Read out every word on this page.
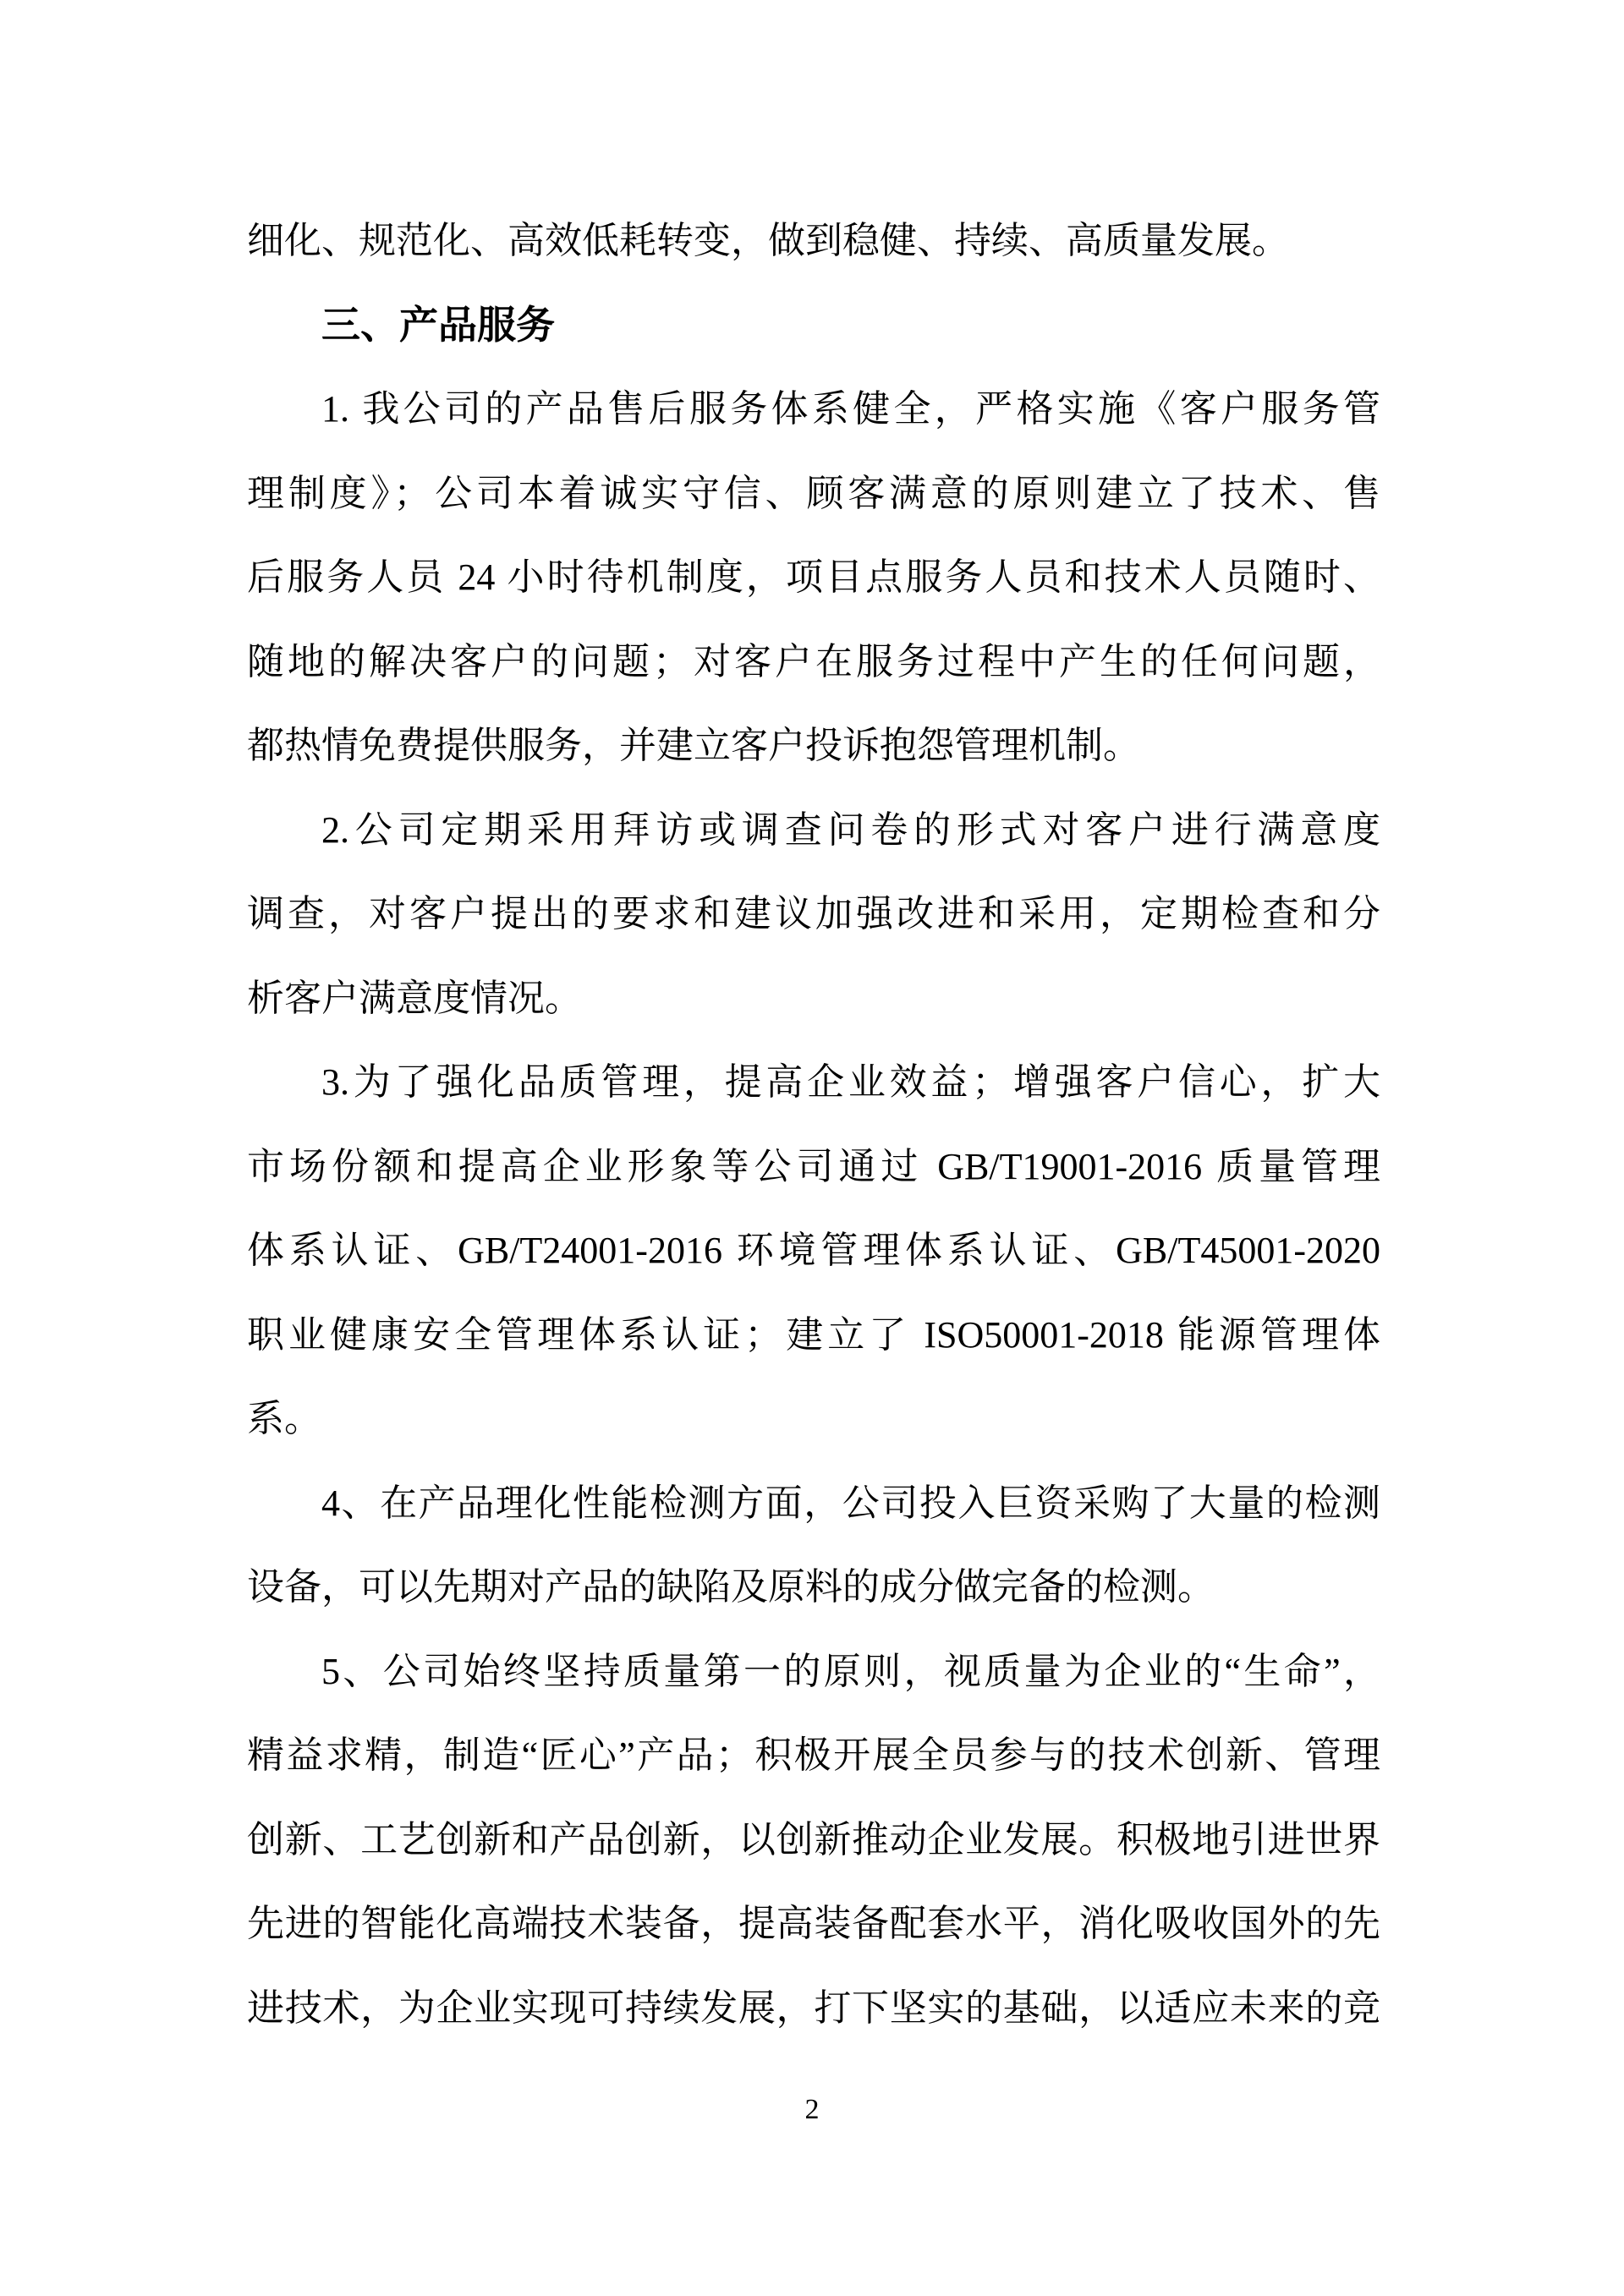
细化、规范化、高效低耗转变，做到稳健、持续、高质量发展。
三、产品服务
1. 我公司的产品售后服务体系健全，严格实施《客户服务管
理制度》；公司本着诚实守信、顾客满意的原则建立了技术、售
后服务人员 24 小时待机制度，项目点服务人员和技术人员随时、
随地的解决客户的问题；对客户在服务过程中产生的任何问题，
都热情免费提供服务，并建立客户投诉抱怨管理机制。
2.公司定期采用拜访或调查问卷的形式对客户进行满意度
调查，对客户提出的要求和建议加强改进和采用，定期检查和分
析客户满意度情况。
3.为了强化品质管理，提高企业效益；增强客户信心，扩大
市场份额和提高企业形象等公司通过 GB/T19001-2016 质量管理
体系认证、GB/T24001-2016 环境管理体系认证、GB/T45001-2020
职业健康安全管理体系认证；建立了 ISO50001-2018 能源管理体
系。
4、在产品理化性能检测方面，公司投入巨资采购了大量的检测
设备，可以先期对产品的缺陷及原料的成分做完备的检测。
5、公司始终坚持质量第一的原则，视质量为企业的“生命”，
精益求精，制造“匠心”产品；积极开展全员参与的技术创新、管理
创新、工艺创新和产品创新，以创新推动企业发展。积极地引进世界
先进的智能化高端技术装备，提高装备配套水平，消化吸收国外的先
进技术，为企业实现可持续发展，打下坚实的基础，以适应未来的竞
2
